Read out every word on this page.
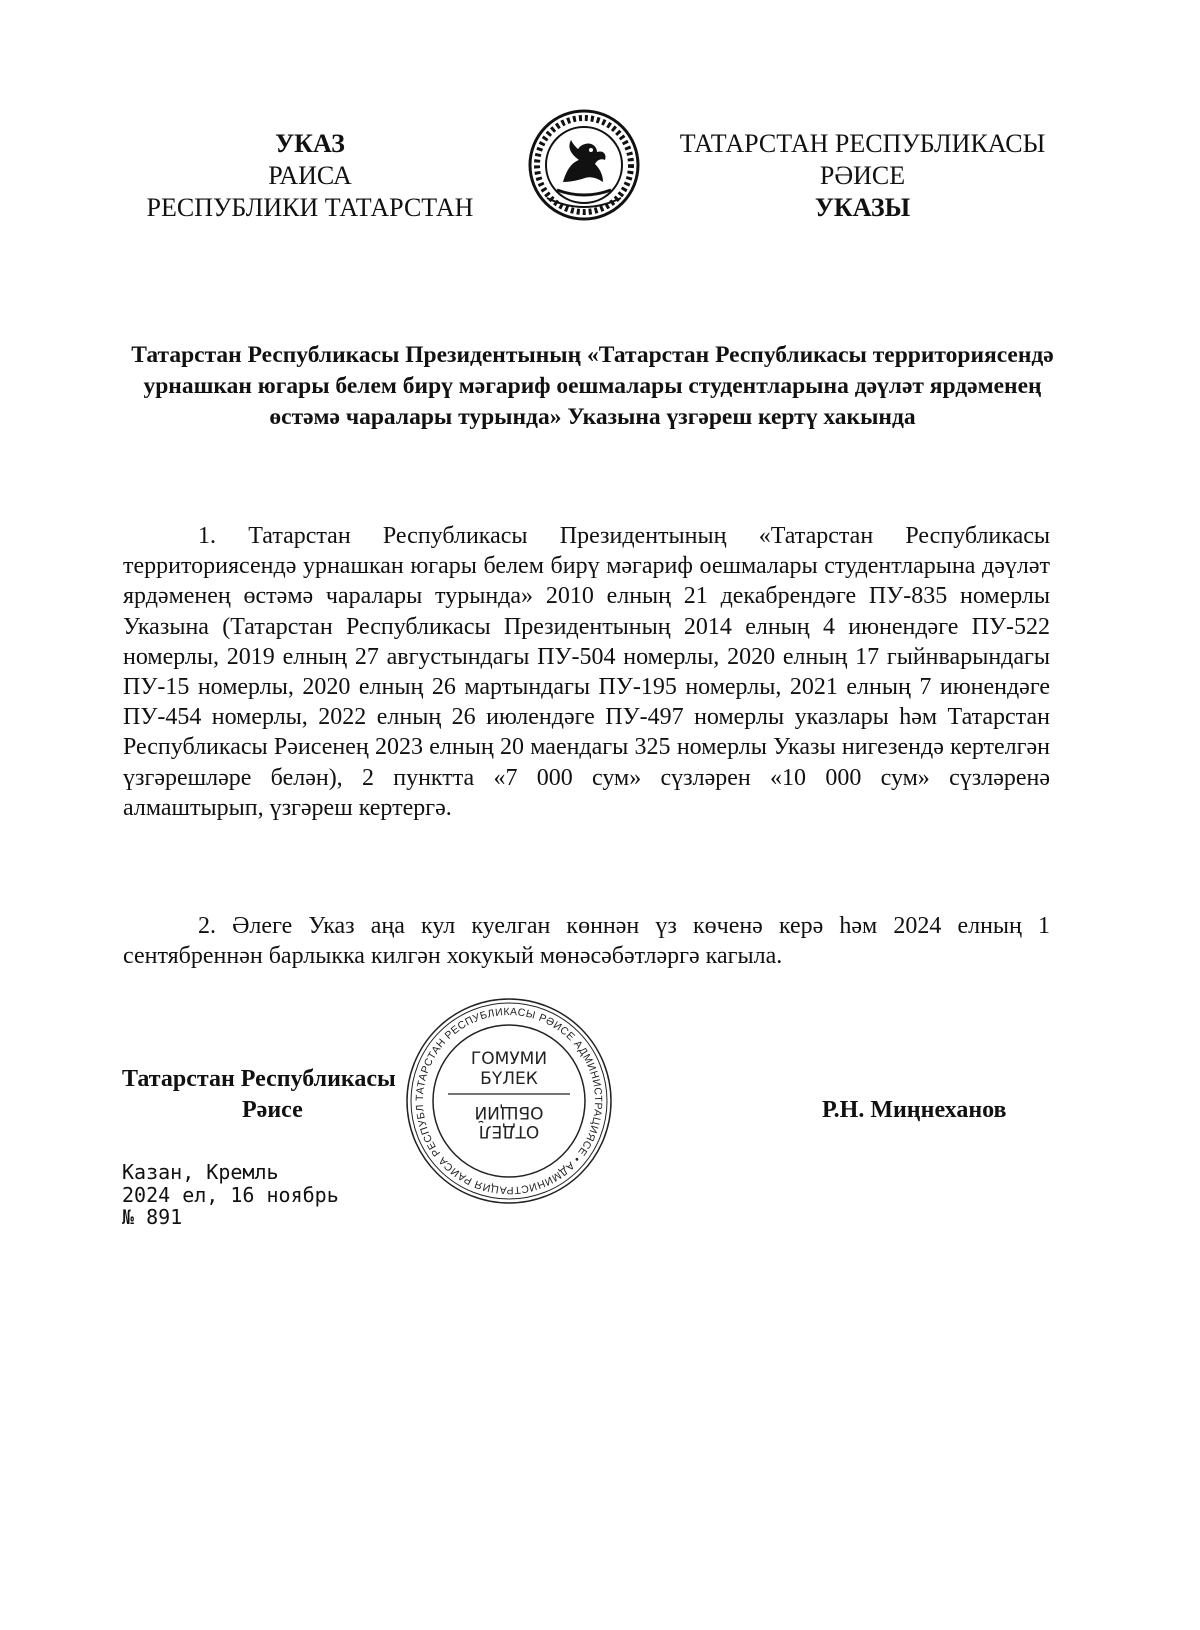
УКАЗ
РАИСА
РЕСПУБЛИКИ ТАТАРСТАН
ТАТАРСТАН РЕСПУБЛИКАСЫ
РӘИСЕ
УКАЗЫ
Татарстан Республикасы Президентының «Татарстан Республикасы территориясендә урнашкан югары белем бирү мәгариф оешмалары студентларына дәүләт ярдәменең өстәмә чаралары турында» Указына үзгәреш кертү хакында

1. Татарстан Республикасы Президентының «Татарстан Республикасы территориясендә урнашкан югары белем бирү мәгариф оешмалары студентларына дәүләт ярдәменең өстәмә чаралары турында» 2010 елның 21 декабрендәге ПУ-835 номерлы Указына (Татарстан Республикасы Президентының 2014 елның 4 июнендәге ПУ-522 номерлы, 2019 елның 27 августындагы ПУ-504 номерлы, 2020 елның 17 гыйнварындагы ПУ-15 номерлы, 2020 елның 26 мартындагы ПУ-195 номерлы, 2021 елның 7 июнендәге ПУ-454 номерлы, 2022 елның 26 июлендәге ПУ-497 номерлы указлары һәм Татарстан Республикасы Рәисенең 2023 елның 20 маендагы 325 номерлы Указы нигезендә кертелгән үзгәрешләре белән), 2 пунктта «7 000 сум» сүзләрен «10 000 сум» сүзләренә алмаштырып, үзгәреш кертергә.

2. Әлеге Указ аңа кул куелган көннән үз көченә керә һәм 2024 елның 1 сентябреннән барлыкка килгән хокукый мөнәсәбәтләргә кагыла.

ТАТАРСТАН РЕСПУБЛИКАСЫ РӘИСЕ АДМИНИСТРАЦИЯСЕ • АДМИНИСТРАЦИЯ РАИСА РЕСПУБЛ
ГОМУМИ
БҮЛЕК
ОТДЕЛ
ОБЩИЙ
Татарстан Республикасы
Рәисе	Р.Н. Миңнеханов
Казан, Кремль
2024 ел, 16 ноябрь
№ 891
